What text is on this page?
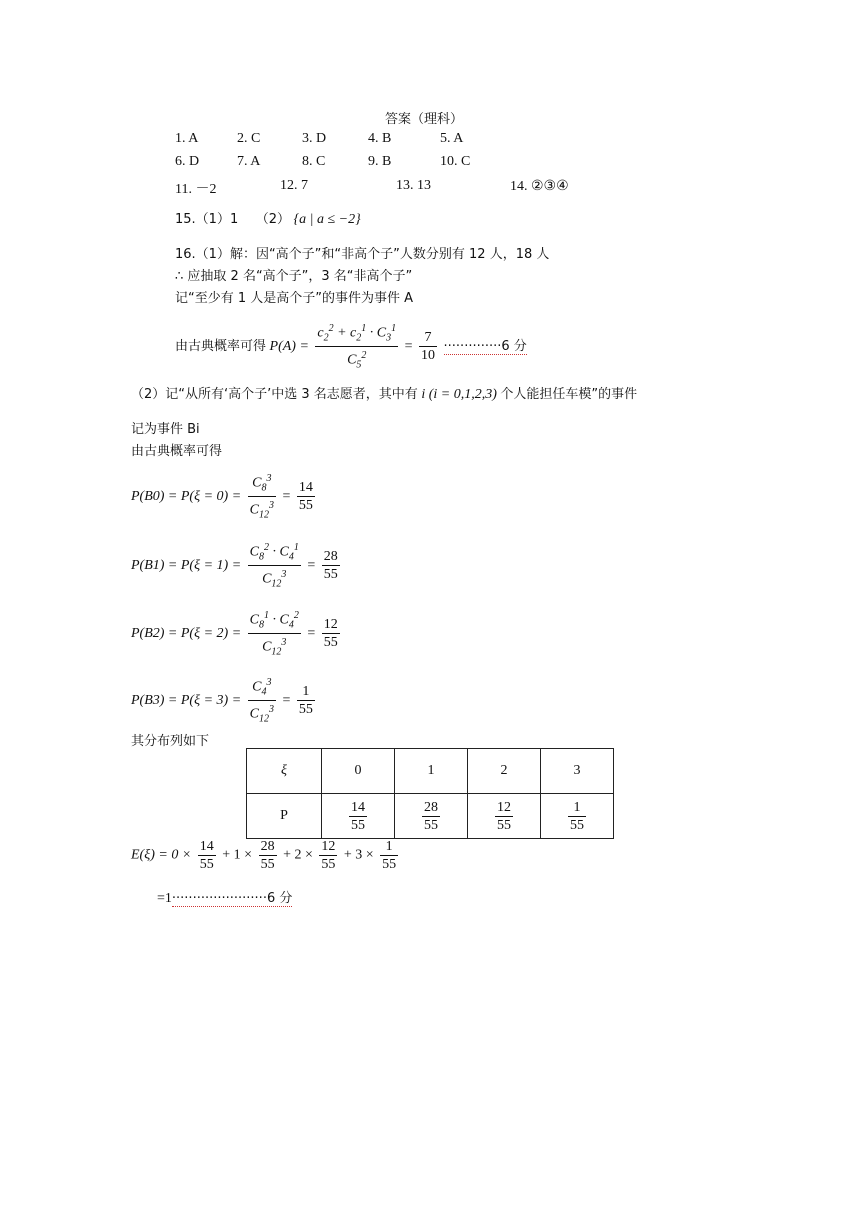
答案（理科）
1. A	2. C	3. D	4. B	5. A
6. D	7. A	8. C	9. B	10. C
11. －2	12. 7	13. 13	14. ②③④
15.（1）1 （2） {a | a ≤ −2}
16.（1）解：因“高个子”和“非高个子”人数分别有 12 人，18 人
∴ 应抽取 2 名“高个子”，3 名“非高个子”
记“至少有 1 人是高个子”的事件为事件 A
由古典概率可得 $P(A) = \frac{c_2^2 + c_2^1 \cdot C_3^1}{C_5^2} = \frac{7}{10} \cdot\cdot\cdot\cdot\cdot\cdot\cdot\cdot\cdot\cdot\cdot\cdot\cdot\cdot 6$ 分
（2）记“从所有‘高个子’中选 3 名志愿者，其中有 i (i = 0,1,2,3) 个人能担任车模”的事件
记为事件 Bi
由古典概率可得
$P(B0) = P(\xi = 0) = \frac{C_8^3}{C_{12}^3} = \frac{14}{55}$
$P(B1) = P(\xi = 1) = \frac{C_8^2 \cdot C_4^1}{C_{12}^3} = \frac{28}{55}$
$P(B2) = P(\xi = 2) = \frac{C_8^1 \cdot C_4^2}{C_{12}^3} = \frac{12}{55}$
$P(B3) = P(\xi = 3) = \frac{C_4^3}{C_{12}^3} = \frac{1}{55}$
其分布列如下
ξ	0	1	2	3
P	$\frac{14}{55}$	$\frac{28}{55}$	$\frac{12}{55}$	$\frac{1}{55}$
$E(\xi) = 0 \times \frac{14}{55} + 1 \times \frac{28}{55} + 2 \times \frac{12}{55} + 3 \times \frac{1}{55}$
=1·······················6 分
